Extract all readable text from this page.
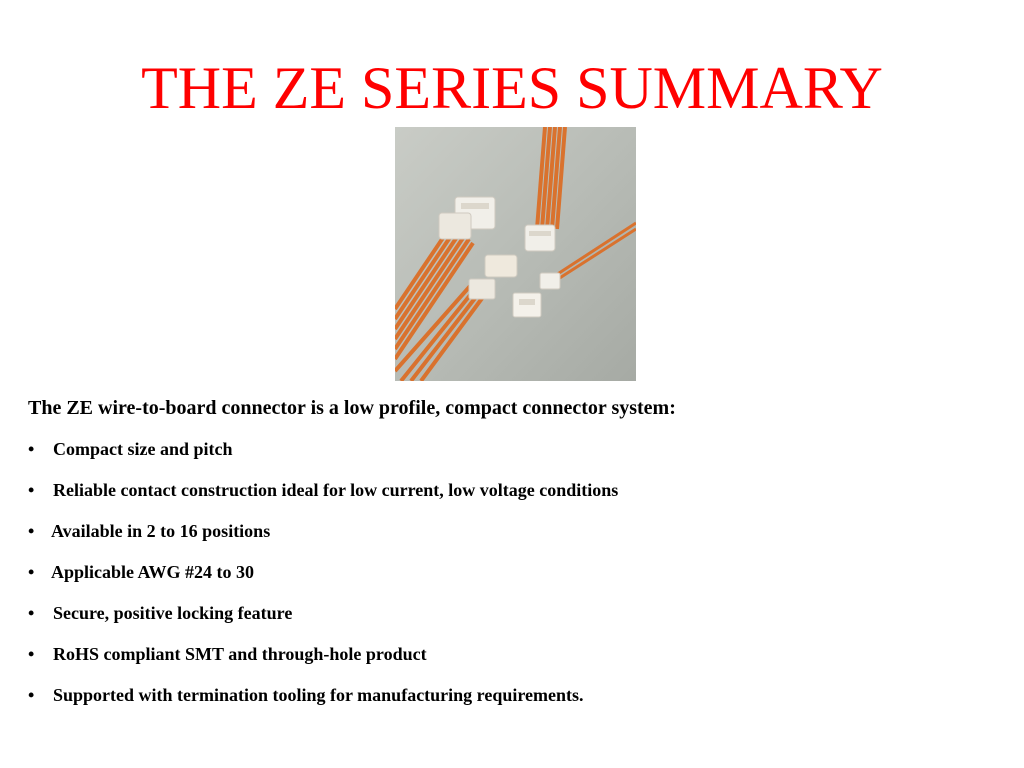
THE ZE SERIES SUMMARY
The ZE wire-to-board connector is a low profile, compact connector system:
• Compact size and pitch
• Reliable contact construction ideal for low current, low voltage conditions
• Available in 2 to 16 positions
• Applicable AWG #24 to 30
• Secure, positive locking feature
• RoHS compliant SMT and through-hole product
• Supported with termination tooling for manufacturing requirements.
